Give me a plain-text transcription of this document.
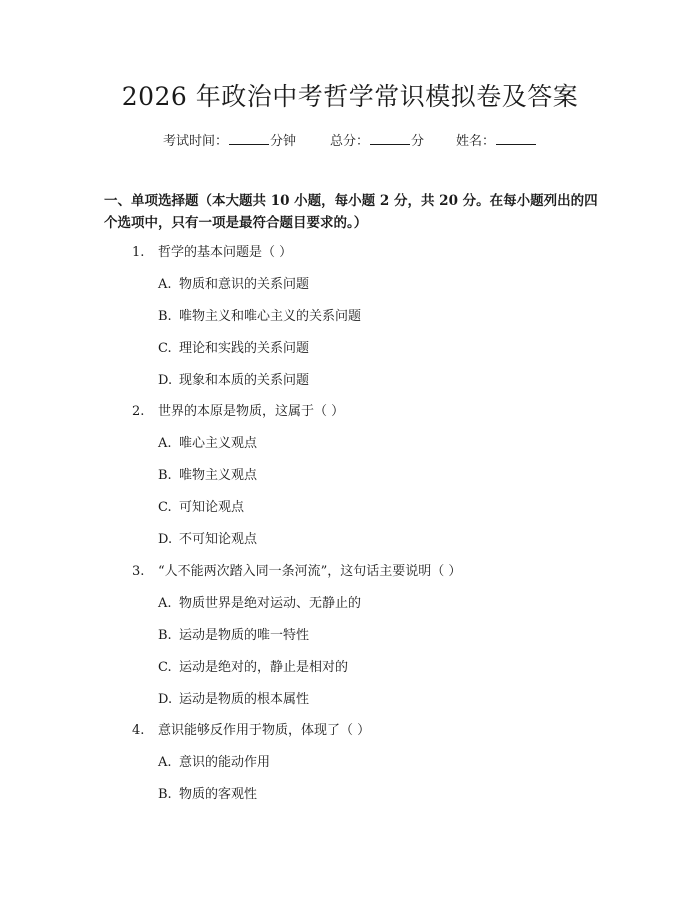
2026 年政治中考哲学常识模拟卷及答案
考试时间：	分钟	总分：	分 姓名：
一、单项选择题（本大题共 10 小题，每小题 2 分，共 20 分。在每小题列出的四个选项中，只有一项是最符合题目要求的。）
1. 哲学的基本问题是（ ）
A. 物质和意识的关系问题
B. 唯物主义和唯心主义的关系问题
C. 理论和实践的关系问题
D. 现象和本质的关系问题
2. 世界的本原是物质，这属于（ ）
A. 唯心主义观点
B. 唯物主义观点
C. 可知论观点
D. 不可知论观点
3. “人不能两次踏入同一条河流”，这句话主要说明（ ）
A. 物质世界是绝对运动、无静止的
B. 运动是物质的唯一特性
C. 运动是绝对的，静止是相对的
D. 运动是物质的根本属性
4. 意识能够反作用于物质，体现了（ ）
A. 意识的能动作用
B. 物质的客观性
